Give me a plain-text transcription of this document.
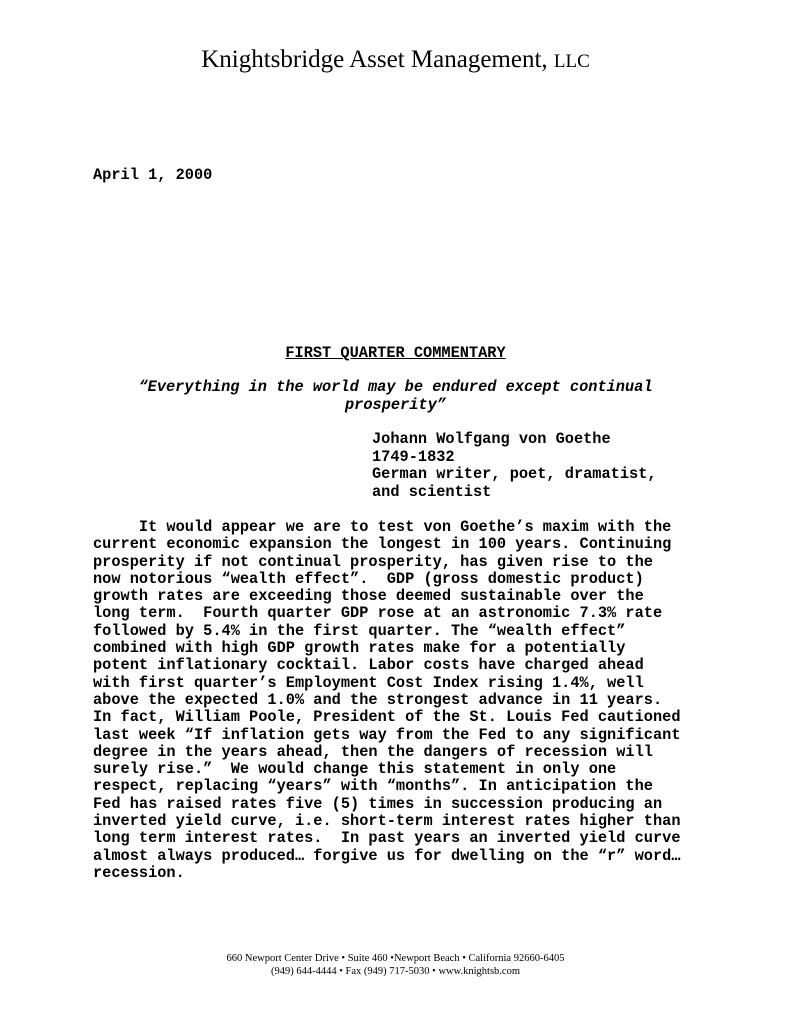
Knightsbridge Asset Management, LLC
April 1, 2000
FIRST QUARTER COMMENTARY
“Everything in the world may be endured except continual prosperity”
Johann Wolfgang von Goethe
1749-1832
German writer, poet, dramatist,
and scientist
It would appear we are to test von Goethe’s maxim with the
current economic expansion the longest in 100 years. Continuing
prosperity if not continual prosperity, has given rise to the
now notorious “wealth effect”.  GDP (gross domestic product)
growth rates are exceeding those deemed sustainable over the
long term.  Fourth quarter GDP rose at an astronomic 7.3% rate
followed by 5.4% in the first quarter. The “wealth effect”
combined with high GDP growth rates make for a potentially
potent inflationary cocktail. Labor costs have charged ahead
with first quarter’s Employment Cost Index rising 1.4%, well
above the expected 1.0% and the strongest advance in 11 years.
In fact, William Poole, President of the St. Louis Fed cautioned
last week “If inflation gets way from the Fed to any significant
degree in the years ahead, then the dangers of recession will
surely rise.”  We would change this statement in only one
respect, replacing “years” with “months”. In anticipation the
Fed has raised rates five (5) times in succession producing an
inverted yield curve, i.e. short-term interest rates higher than
long term interest rates.  In past years an inverted yield curve
almost always produced… forgive us for dwelling on the “r” word…
recession.
660 Newport Center Drive • Suite 460 •Newport Beach • California 92660-6405
(949) 644-4444 • Fax (949) 717-5030 • www.knightsb.com
